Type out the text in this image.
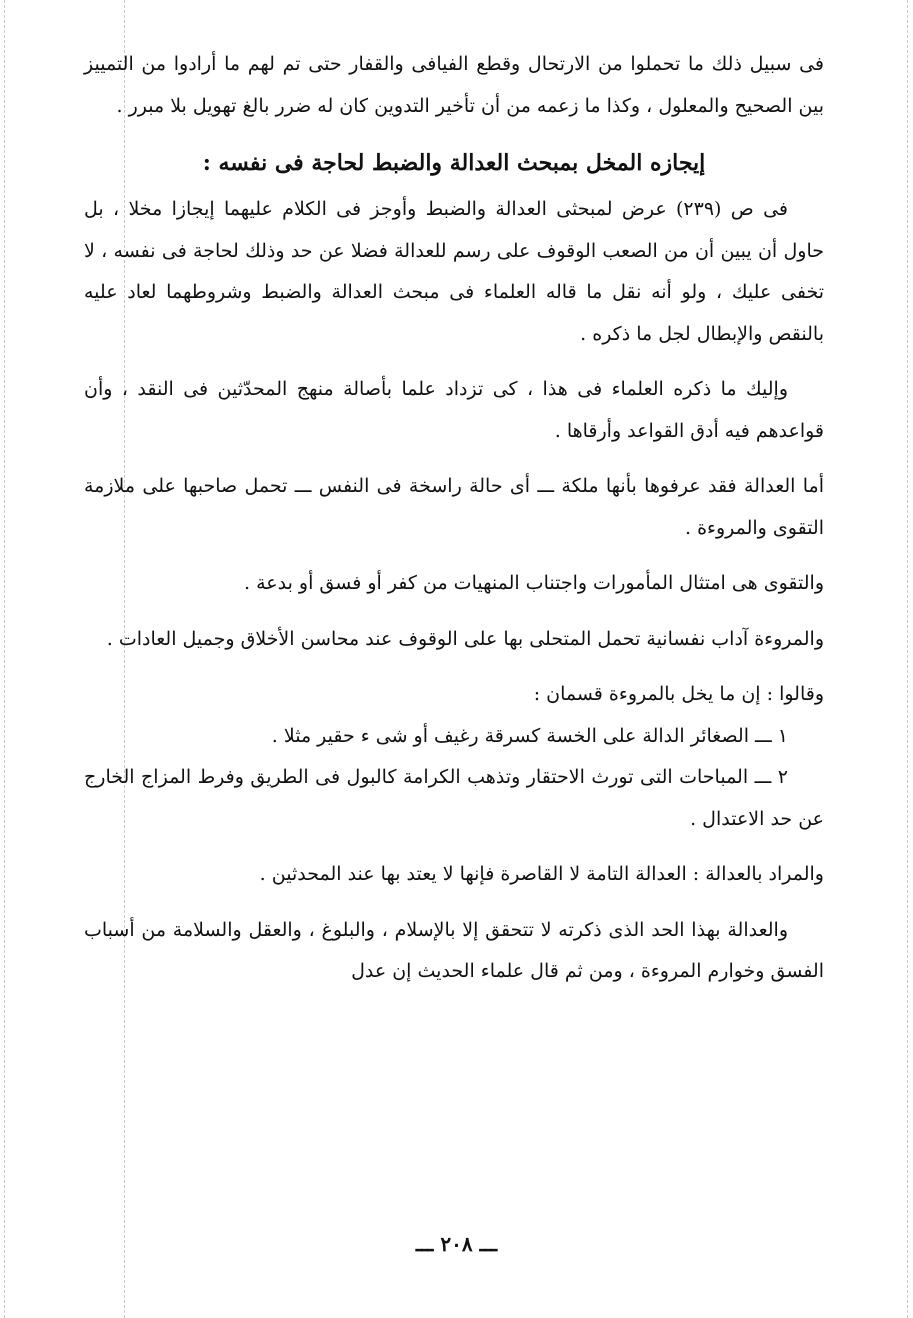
فى سبيل ذلك ما تحملوا من الارتحال وقطع الفيافى والقفار حتى تم لهم ما أرادوا من التمييز بين الصحيح والمعلول ، وكذا ما زعمه من أن تأخير التدوين كان له ضرر بالغ تهويل بلا مبرر .

إيجازه المخل بمبحث العدالة والضبط لحاجة فى نفسه :

فى ص (٢٣٩) عرض لمبحثى العدالة والضبط وأوجز فى الكلام عليهما إيجازا مخلا ، بل حاول أن يبين أن من الصعب الوقوف على رسم للعدالة فضلا عن حد وذلك لحاجة فى نفسه ، لا تخفى عليك ، ولو أنه نقل ما قاله العلماء فى مبحث العدالة والضبط وشروطهما لعاد عليه بالنقص والإبطال لجل ما ذكره .

وإليك ما ذكره العلماء فى هذا ، كى تزداد علما بأصالة منهج المحدّثين فى النقد ، وأن قواعدهم فيه أدق القواعد وأرقاها .

أما العدالة فقد عرفوها بأنها ملكة ـــ أى حالة راسخة فى النفس ـــ تحمل صاحبها على ملازمة التقوى والمروءة .

والتقوى هى امتثال المأمورات واجتناب المنهيات من كفر أو فسق أو بدعة .

والمروءة آداب نفسانية تحمل المتحلى بها على الوقوف عند محاسن الأخلاق وجميل العادات .

وقالوا : إن ما يخل بالمروءة قسمان :

١ ـــ الصغائر الدالة على الخسة كسرقة رغيف أو شى ء حقير مثلا .

٢ ـــ المباحات التى تورث الاحتقار وتذهب الكرامة كالبول فى الطريق وفرط المزاج الخارج عن حد الاعتدال .

والمراد بالعدالة : العدالة التامة لا القاصرة فإنها لا يعتد بها عند المحدثين .

والعدالة بهذا الحد الذى ذكرته لا تتحقق إلا بالإسلام ، والبلوغ ، والعقل والسلامة من أسباب الفسق وخوارم المروءة ، ومن ثم قال علماء الحديث إن عدل

ـــ ٢٠٨ ـــ
